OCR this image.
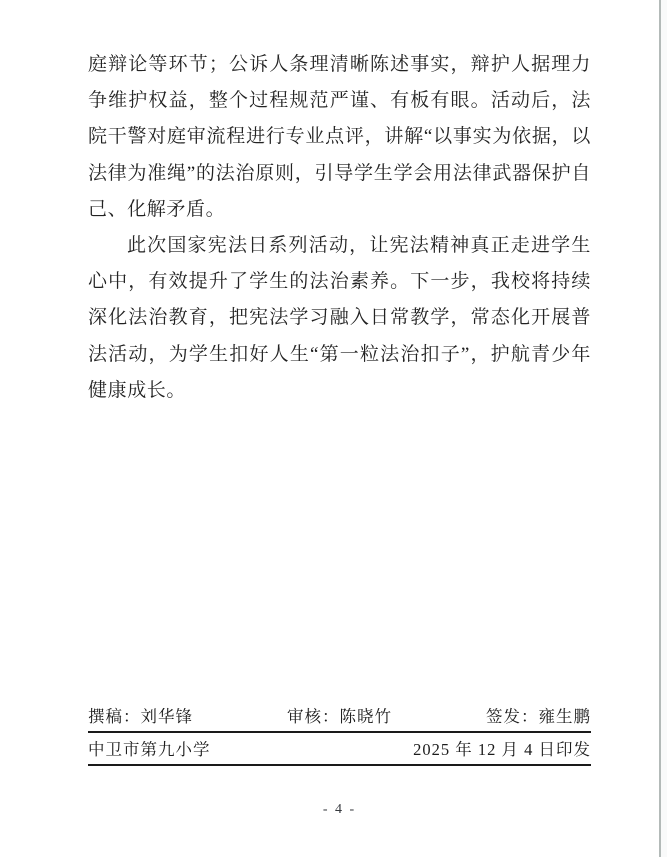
庭辩论等环节；公诉人条理清晰陈述事实，辩护人据理力争维护权益，整个过程规范严谨、有板有眼。活动后，法院干警对庭审流程进行专业点评，讲解“以事实为依据，以法律为准绳”的法治原则，引导学生学会用法律武器保护自己、化解矛盾。

此次国家宪法日系列活动，让宪法精神真正走进学生心中，有效提升了学生的法治素养。下一步，我校将持续深化法治教育，把宪法学习融入日常教学，常态化开展普法活动，为学生扣好人生“第一粒法治扣子”，护航青少年健康成长。

撰稿：刘华锋	审核：陈晓竹	签发：雍生鹏
中卫市第九小学	2025 年 12 月 4 日印发
- 4 -
